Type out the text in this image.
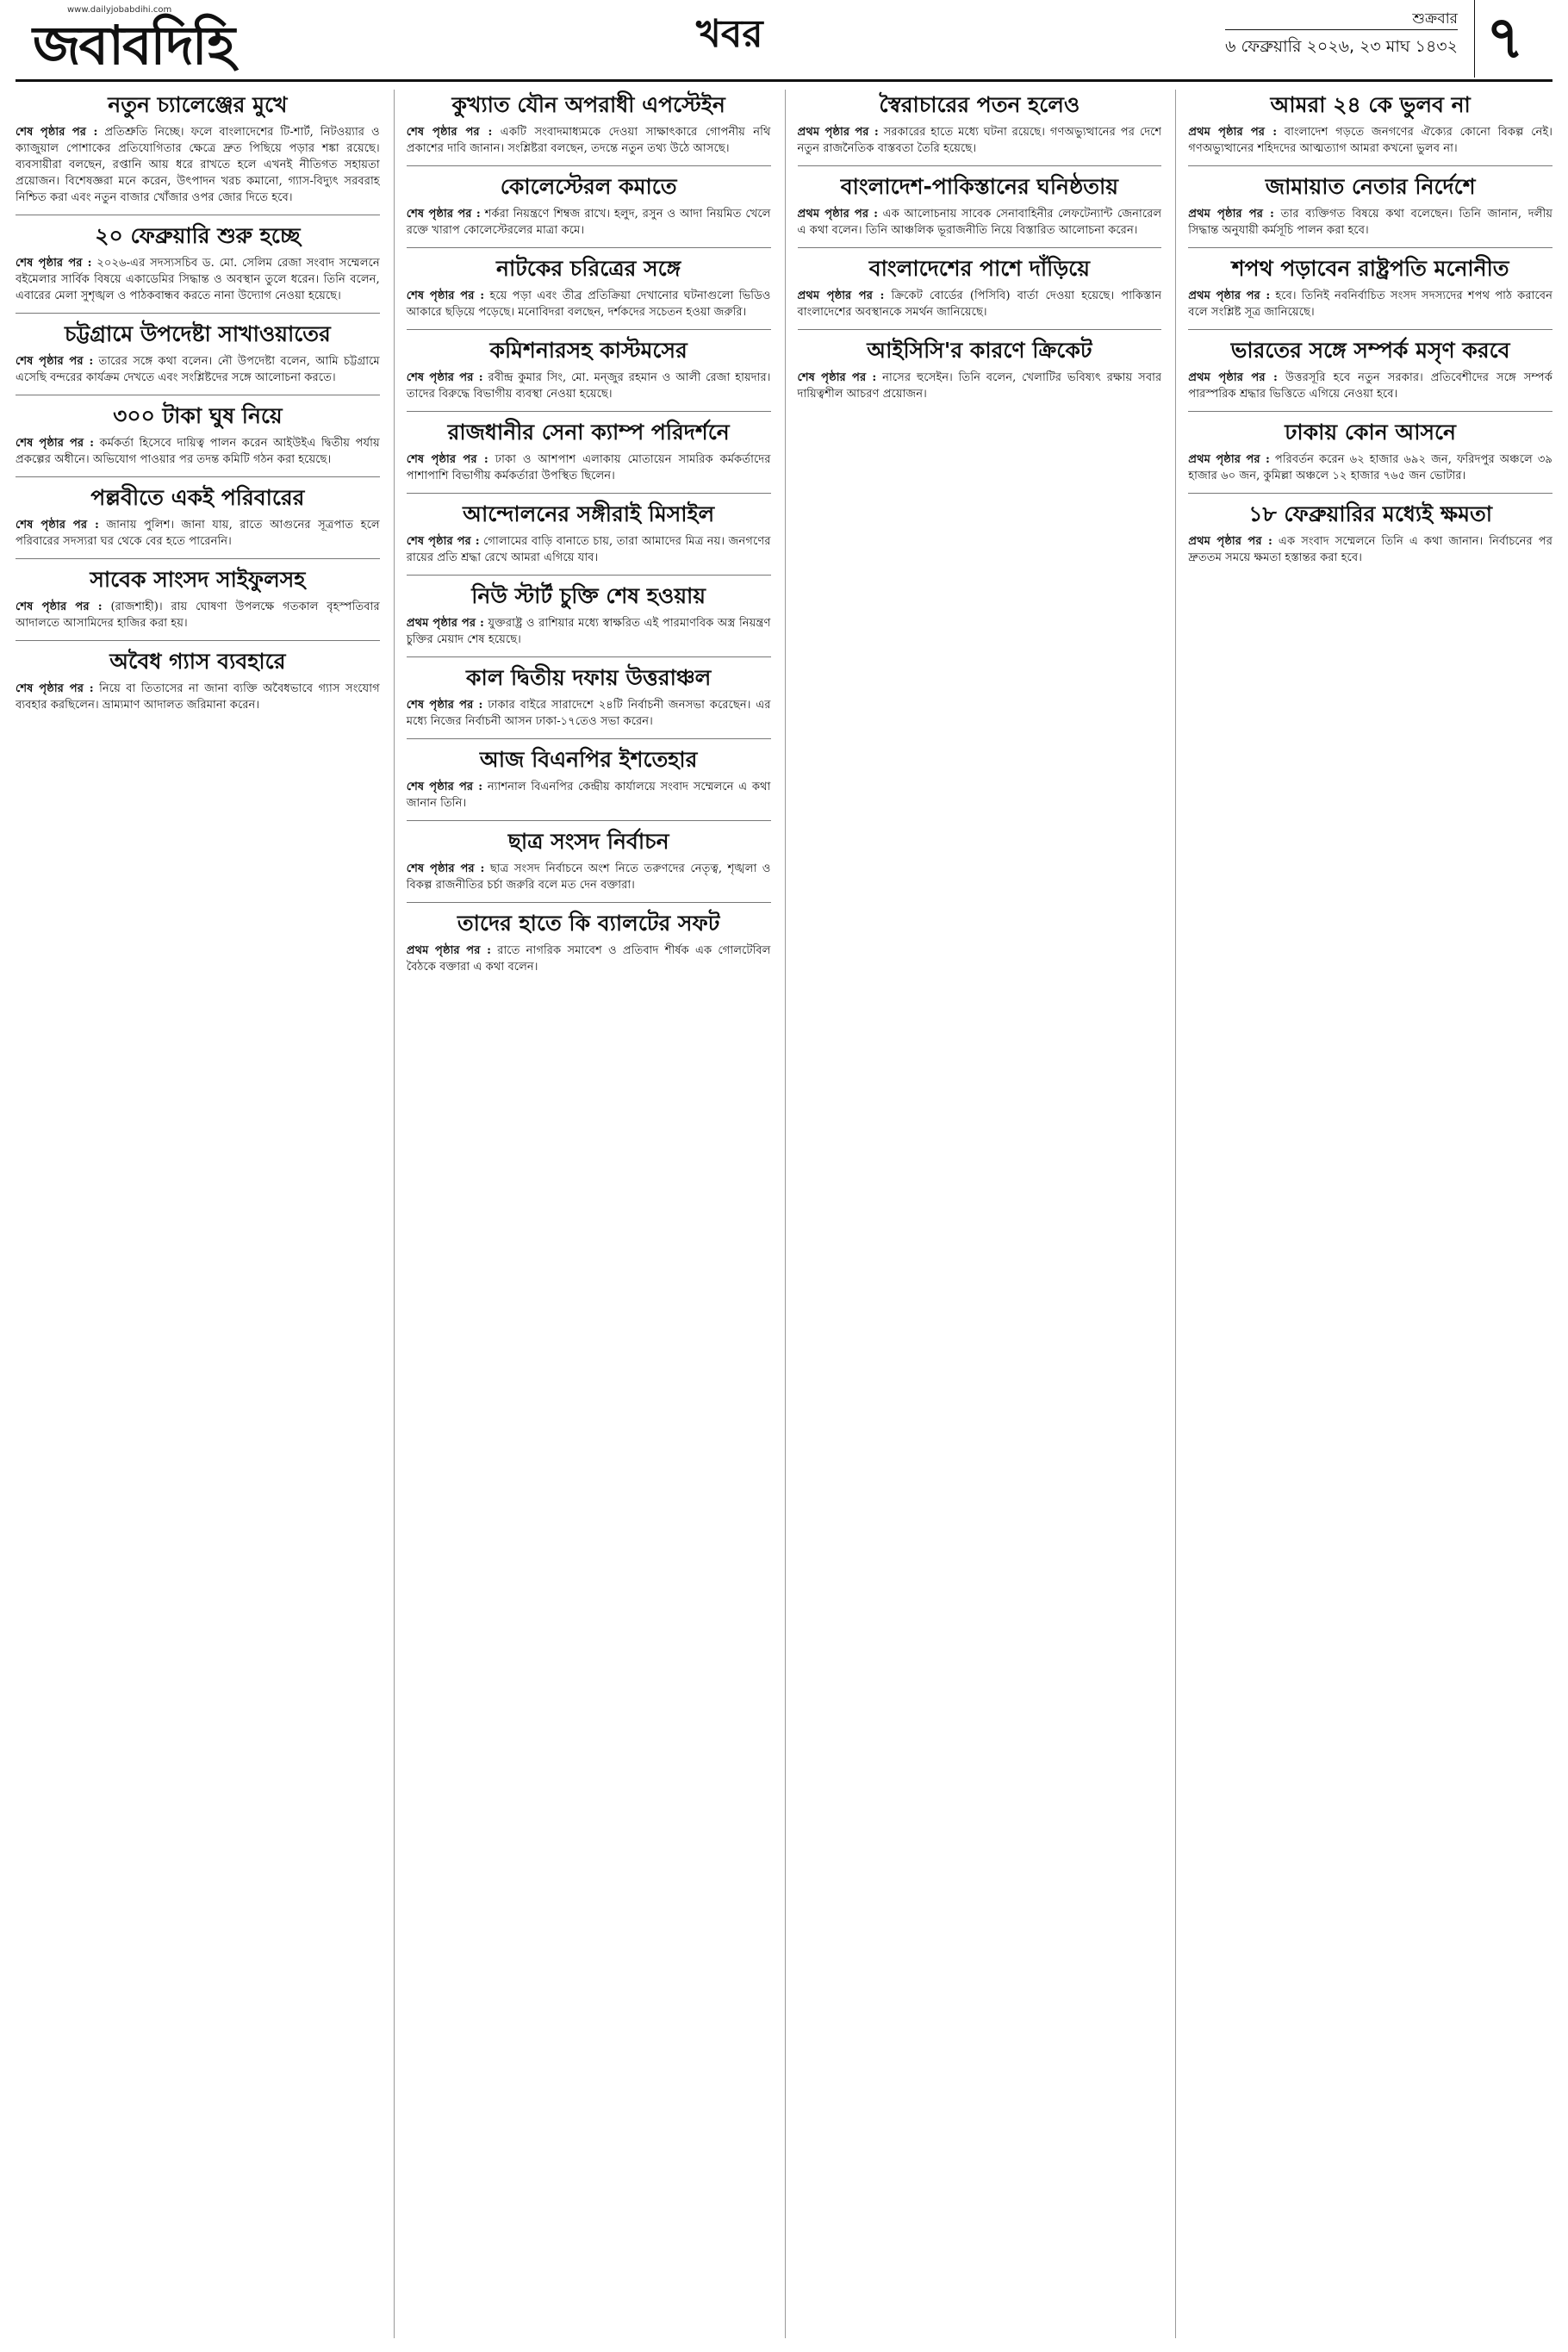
www.dailyjobabdihi.com
জবাবদিহি	খবর	শুক্রবার
৬ ফেব্রুয়ারি ২০২৬, ২৩ মাঘ ১৪৩২ ৭
নতুন চ্যালেঞ্জের মুখে
শেষ পৃষ্ঠার পর : প্রতিশ্রুতি নিচ্ছে। ফলে বাংলাদেশের টি-শার্ট, নিটওয়্যার ও ক্যাজুয়াল পোশাকের প্রতিযোগিতার ক্ষেত্রে দ্রুত পিছিয়ে পড়ার শঙ্কা রয়েছে। ব্যবসায়ীরা বলছেন, রপ্তানি আয় ধরে রাখতে হলে এখনই নীতিগত সহায়তা প্রয়োজন। বিশেষজ্ঞরা মনে করেন, উৎপাদন খরচ কমানো, গ্যাস-বিদ্যুৎ সরবরাহ নিশ্চিত করা এবং নতুন বাজার খোঁজার ওপর জোর দিতে হবে।
২০ ফেব্রুয়ারি শুরু হচ্ছে
শেষ পৃষ্ঠার পর : ২০২৬-এর সদস্যসচিব ড. মো. সেলিম রেজা সংবাদ সম্মেলনে বইমেলার সার্বিক বিষয়ে একাডেমির সিদ্ধান্ত ও অবস্থান তুলে ধরেন। তিনি বলেন, এবারের মেলা সুশৃঙ্খল ও পাঠকবান্ধব করতে নানা উদ্যোগ নেওয়া হয়েছে।
চট্টগ্রামে উপদেষ্টা সাখাওয়াতের
শেষ পৃষ্ঠার পর : তারের সঙ্গে কথা বলেন। নৌ উপদেষ্টা বলেন, আমি চট্টগ্রামে এসেছি বন্দরের কার্যক্রম দেখতে এবং সংশ্লিষ্টদের সঙ্গে আলোচনা করতে।
৩০০ টাকা ঘুষ নিয়ে
শেষ পৃষ্ঠার পর : কর্মকর্তা হিসেবে দায়িত্ব পালন করেন আইউইএ দ্বিতীয় পর্যায় প্রকল্পের অধীনে। অভিযোগ পাওয়ার পর তদন্ত কমিটি গঠন করা হয়েছে।
পল্লবীতে একই পরিবারের
শেষ পৃষ্ঠার পর : জানায় পুলিশ। জানা যায়, রাতে আগুনের সূত্রপাত হলে পরিবারের সদস্যরা ঘর থেকে বের হতে পারেননি।
সাবেক সাংসদ সাইফুলসহ
শেষ পৃষ্ঠার পর : (রাজশাহী)। রায় ঘোষণা উপলক্ষে গতকাল বৃহস্পতিবার আদালতে আসামিদের হাজির করা হয়।
অবৈধ গ্যাস ব্যবহারে
শেষ পৃষ্ঠার পর : নিয়ে বা তিতাসের না জানা ব্যক্তি অবৈধভাবে গ্যাস সংযোগ ব্যবহার করছিলেন। ভ্রাম্যমাণ আদালত জরিমানা করেন।
কুখ্যাত যৌন অপরাধী এপস্টেইন
শেষ পৃষ্ঠার পর : একটি সংবাদমাধ্যমকে দেওয়া সাক্ষাৎকারে গোপনীয় নথি প্রকাশের দাবি জানান। সংশ্লিষ্টরা বলছেন, তদন্তে নতুন তথ্য উঠে আসছে।
কোলেস্টেরল কমাতে
শেষ পৃষ্ঠার পর : শর্করা নিয়ন্ত্রণে শিম্বজ রাখে। হলুদ, রসুন ও আদা নিয়মিত খেলে রক্তে খারাপ কোলেস্টেরলের মাত্রা কমে।
নাটকের চরিত্রের সঙ্গে
শেষ পৃষ্ঠার পর : হয়ে পড়া এবং তীব্র প্রতিক্রিয়া দেখানোর ঘটনাগুলো ভিডিও আকারে ছড়িয়ে পড়েছে। মনোবিদরা বলছেন, দর্শকদের সচেতন হওয়া জরুরি।
কমিশনারসহ কাস্টমসের
শেষ পৃষ্ঠার পর : রবীন্দ্র কুমার সিং, মো. মন্জুর রহমান ও আলী রেজা হায়দার। তাদের বিরুদ্ধে বিভাগীয় ব্যবস্থা নেওয়া হয়েছে।
রাজধানীর সেনা ক্যাম্প পরিদর্শনে
শেষ পৃষ্ঠার পর : ঢাকা ও আশপাশ এলাকায় মোতায়েন সামরিক কর্মকর্তাদের পাশাপাশি বিভাগীয় কর্মকর্তারা উপস্থিত ছিলেন।
আন্দোলনের সঙ্গীরাই মিসাইল
শেষ পৃষ্ঠার পর : গোলামের বাড়ি বানাতে চায়, তারা আমাদের মিত্র নয়। জনগণের রায়ের প্রতি শ্রদ্ধা রেখে আমরা এগিয়ে যাব।
নিউ স্টার্ট চুক্তি শেষ হওয়ায়
প্রথম পৃষ্ঠার পর : যুক্তরাষ্ট্র ও রাশিয়ার মধ্যে স্বাক্ষরিত এই পারমাণবিক অস্ত্র নিয়ন্ত্রণ চুক্তির মেয়াদ শেষ হয়েছে।
কাল দ্বিতীয় দফায় উত্তরাঞ্চল
শেষ পৃষ্ঠার পর : ঢাকার বাইরে সারাদেশে ২৪টি নির্বাচনী জনসভা করেছেন। এর মধ্যে নিজের নির্বাচনী আসন ঢাকা-১৭তেও সভা করেন।
আজ বিএনপির ইশতেহার
শেষ পৃষ্ঠার পর : ন্যাশনাল বিএনপির কেন্দ্রীয় কার্যালয়ে সংবাদ সম্মেলনে এ কথা জানান তিনি।
ছাত্র সংসদ নির্বাচন
শেষ পৃষ্ঠার পর : ছাত্র সংসদ নির্বাচনে অংশ নিতে তরুণদের নেতৃত্ব, শৃঙ্খলা ও বিকল্প রাজনীতির চর্চা জরুরি বলে মত দেন বক্তারা।
তাদের হাতে কি ব্যালটের সফট
প্রথম পৃষ্ঠার পর : রাতে নাগরিক সমাবেশ ও প্রতিবাদ শীর্ষক এক গোলটেবিল বৈঠকে বক্তারা এ কথা বলেন।
স্বৈরাচারের পতন হলেও
প্রথম পৃষ্ঠার পর : সরকারের হাতে মধ্যে ঘটনা রয়েছে। গণঅভ্যুত্থানের পর দেশে নতুন রাজনৈতিক বাস্তবতা তৈরি হয়েছে।
বাংলাদেশ-পাকিস্তানের ঘনিষ্ঠতায়
প্রথম পৃষ্ঠার পর : এক আলোচনায় সাবেক সেনাবাহিনীর লেফটেন্যান্ট জেনারেল এ কথা বলেন। তিনি আঞ্চলিক ভূরাজনীতি নিয়ে বিস্তারিত আলোচনা করেন।
বাংলাদেশের পাশে দাঁড়িয়ে
প্রথম পৃষ্ঠার পর : ক্রিকেট বোর্ডের (পিসিবি) বার্তা দেওয়া হয়েছে। পাকিস্তান বাংলাদেশের অবস্থানকে সমর্থন জানিয়েছে।
আইসিসি'র কারণে ক্রিকেট
শেষ পৃষ্ঠার পর : নাসের হুসেইন। তিনি বলেন, খেলাটির ভবিষ্যৎ রক্ষায় সবার দায়িত্বশীল আচরণ প্রয়োজন।
আমরা ২৪ কে ভুলব না
প্রথম পৃষ্ঠার পর : বাংলাদেশ গড়তে জনগণের ঐক্যের কোনো বিকল্প নেই। গণঅভ্যুত্থানের শহিদদের আত্মত্যাগ আমরা কখনো ভুলব না।
জামায়াত নেতার নির্দেশে
প্রথম পৃষ্ঠার পর : তার ব্যক্তিগত বিষয়ে কথা বলেছেন। তিনি জানান, দলীয় সিদ্ধান্ত অনুযায়ী কর্মসূচি পালন করা হবে।
শপথ পড়াবেন রাষ্ট্রপতি মনোনীত
প্রথম পৃষ্ঠার পর : হবে। তিনিই নবনির্বাচিত সংসদ সদস্যদের শপথ পাঠ করাবেন বলে সংশ্লিষ্ট সূত্র জানিয়েছে।
ভারতের সঙ্গে সম্পর্ক মসৃণ করবে
প্রথম পৃষ্ঠার পর : উত্তরসূরি হবে নতুন সরকার। প্রতিবেশীদের সঙ্গে সম্পর্ক পারস্পরিক শ্রদ্ধার ভিত্তিতে এগিয়ে নেওয়া হবে।
ঢাকায় কোন আসনে
প্রথম পৃষ্ঠার পর : পরিবর্তন করেন ৬২ হাজার ৬৯২ জন, ফরিদপুর অঞ্চলে ৩৯ হাজার ৬০ জন, কুমিল্লা অঞ্চলে ১২ হাজার ৭৬৫ জন ভোটার।
১৮ ফেব্রুয়ারির মধ্যেই ক্ষমতা
প্রথম পৃষ্ঠার পর : এক সংবাদ সম্মেলনে তিনি এ কথা জানান। নির্বাচনের পর দ্রুততম সময়ে ক্ষমতা হস্তান্তর করা হবে।
